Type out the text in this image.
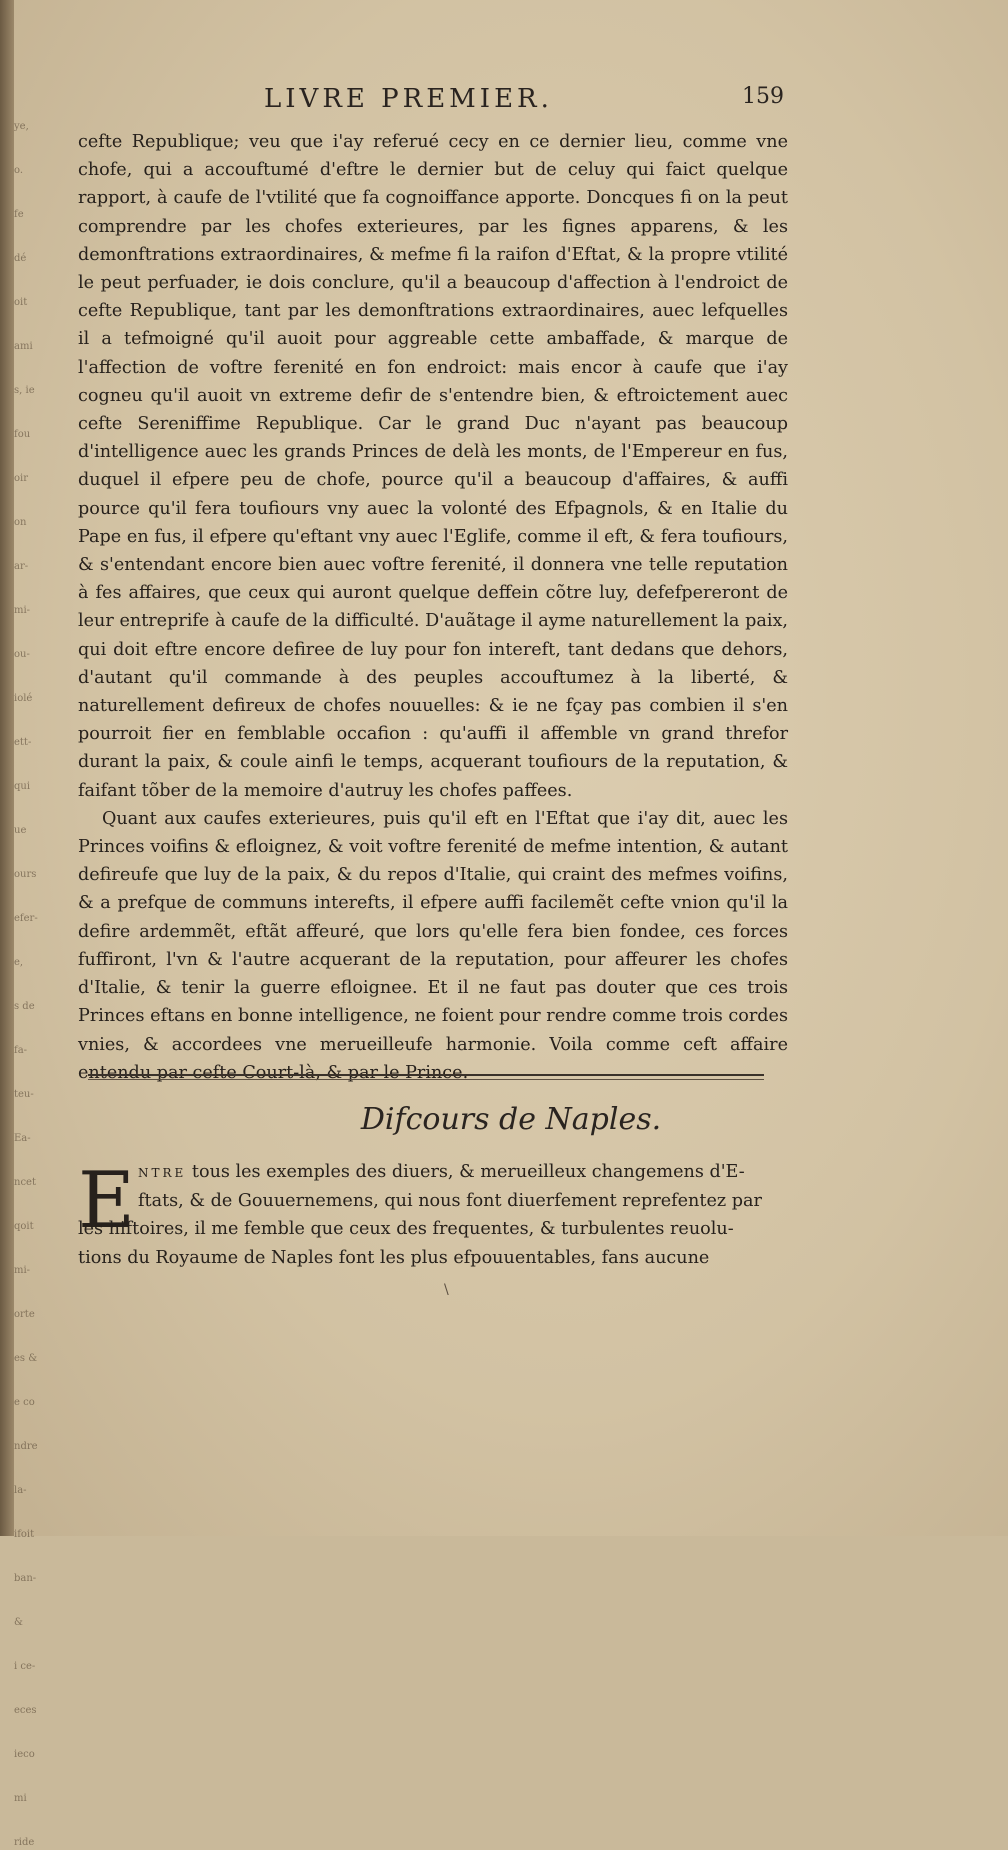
ye,
o.
fe
dé
oit
ami
s, ie
fou
oir
on
ar-
mi-
ou-
iolé
ett-
qui
ue
ours
efer-
e,
s de
fa-
teu-
Ea-
ncet
qoit
mi-
orte
es &
e co
ndre
la-
ifoit
ban-
&
i ce-
eces
ieco
mi
ride
LIVRE PREMIER.	159

cefte Republique; veu que i'ay referué cecy en ce dernier lieu, comme vne chofe, qui a accouftumé d'eftre le dernier but de celuy qui faict quelque rapport, à caufe de l'vtilité que fa cognoiffance apporte. Doncques fi on la peut comprendre par les chofes exterieures, par les fignes apparens, & les demonftrations extraordinaires, & mefme fi la raifon d'Eftat, & la propre vtilité le peut perfuader, ie dois conclure, qu'il a beaucoup d'affection à l'endroict de cefte Republique, tant par les demonftrations extraordinaires, auec lefquelles il a tefmoigné qu'il auoit pour aggreable cette ambaffade, & marque de l'affection de voftre ferenité en fon endroict: mais encor à caufe que i'ay cogneu qu'il auoit vn extreme defir de s'entendre bien, & eftroictement auec cefte Sereniffime Republique. Car le grand Duc n'ayant pas beaucoup d'intelligence auec les grands Princes de delà les monts, de l'Empereur en fus, duquel il efpere peu de chofe, pource qu'il a beaucoup d'affaires, & auffi pource qu'il fera toufiours vny auec la volonté des Efpagnols, & en Italie du Pape en fus, il efpere qu'eftant vny auec l'Eglife, comme il eft, & fera toufiours, & s'entendant encore bien auec voftre ferenité, il donnera vne telle reputation à fes affaires, que ceux qui auront quelque deffein cõtre luy, defefpereront de leur entreprife à caufe de la difficulté. D'auãtage il ayme naturellement la paix, qui doit eftre encore defiree de luy pour fon intereft, tant dedans que dehors, d'autant qu'il commande à des peuples accouftumez à la liberté, & naturellement defireux de chofes nouuelles: & ie ne fçay pas combien il s'en pourroit fier en femblable occafion : qu'auffi il affemble vn grand threfor durant la paix, & coule ainfi le temps, acquerant toufiours de la reputation, & faifant tõber de la memoire d'autruy les chofes paffees.

Quant aux caufes exterieures, puis qu'il eft en l'Eftat que i'ay dit, auec les Princes voifins & efloignez, & voit voftre ferenité de mefme intention, & autant defireufe que luy de la paix, & du repos d'Italie, qui craint des mefmes voifins, & a prefque de communs interefts, il efpere auffi facilemẽt cefte vnion qu'il la defire ardemmẽt, eftãt affeuré, que lors qu'elle fera bien fondee, ces forces fuffiront, l'vn & l'autre acquerant de la reputation, pour affeurer les chofes d'Italie, & tenir la guerre efloignee. Et il ne faut pas douter que ces trois Princes eftans en bonne intelligence, ne foient pour rendre comme trois cordes vnies, & accordees vne merueilleufe harmonie. Voila comme ceft affaire entendu par cefte Court-là, & par le Prince.

Difcours de Naples.
E ntre tous les exemples des diuers, & merueilleux changemens d'E-
ftats, & de Gouuernemens, qui nous font diuerfement reprefentez par
les hiftoires, il me femble que ceux des frequentes, & turbulentes reuolu-
tions du Royaume de Naples font les plus efpouuentables, fans aucune
\
